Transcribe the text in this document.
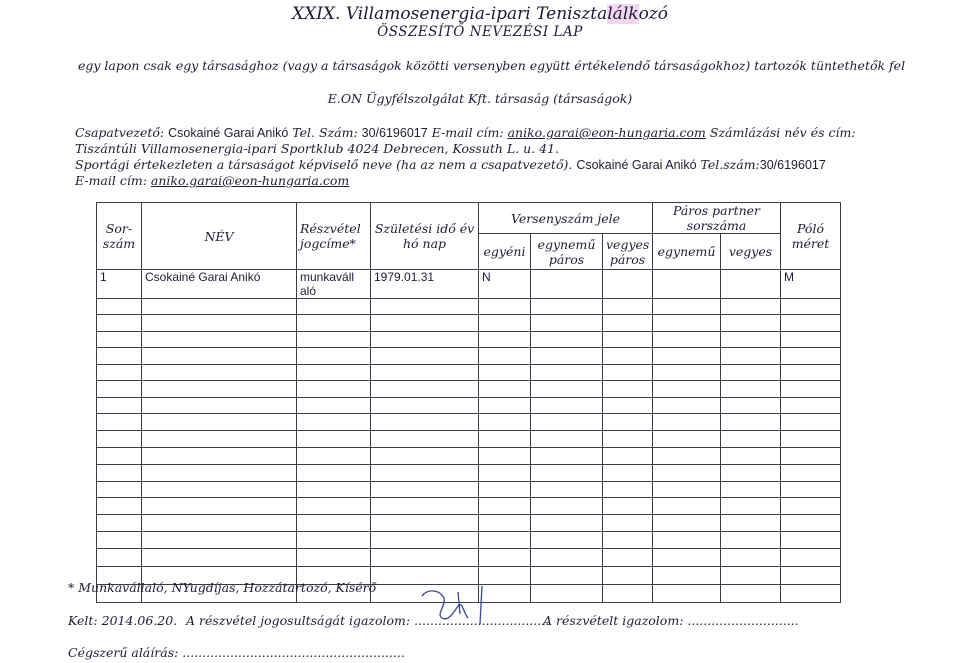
XXIX. Villamosenergia-ipari Tenisztalálkozó
ÖSSZESÍTŐ NEVEZÉSI LAP
egy lapon csak egy társasághoz (vagy a társaságok közötti versenyben együtt értékelendő társaságokhoz) tartozók tüntethetők fel
E.ON Ügyfélszolgálat Kft. társaság (társaságok)
Csapatvezető: Csokainé Garai Anikó Tel. Szám: 30/6196017 E-mail cím: aniko.garai@eon-hungaria.com Számlázási név és cím:
Tiszántúli Villamosenergia-ipari Sportklub 4024 Debrecen, Kossuth L. u. 41.
Sportági értekezleten a társaságot képviselő neve (ha az nem a csapatvezető). Csokainé Garai Anikó Tel.szám:30/6196017
E-mail cím: aniko.garai@eon-hungaria.com
Sor-szám	NÉV	Részvétel jogcíme*	Születési idő év hó nap	Versenyszám jele			Páros partner sorszáma		Póló méret
				egyéni	egynemű páros	vegyes páros	egynemű	vegyes	
1	Csokainé Garai Anikó	munkaváll aló	1979.01.31	N					M

* Munkavállaló, NYugdíjas, Hozzátartozó, Kísérő
Kelt: 2014.06.20. A részvétel jogosultságát igazolom: ..................................
A részvételt igazolom: ............................
Cégszerű aláírás: ........................................................
